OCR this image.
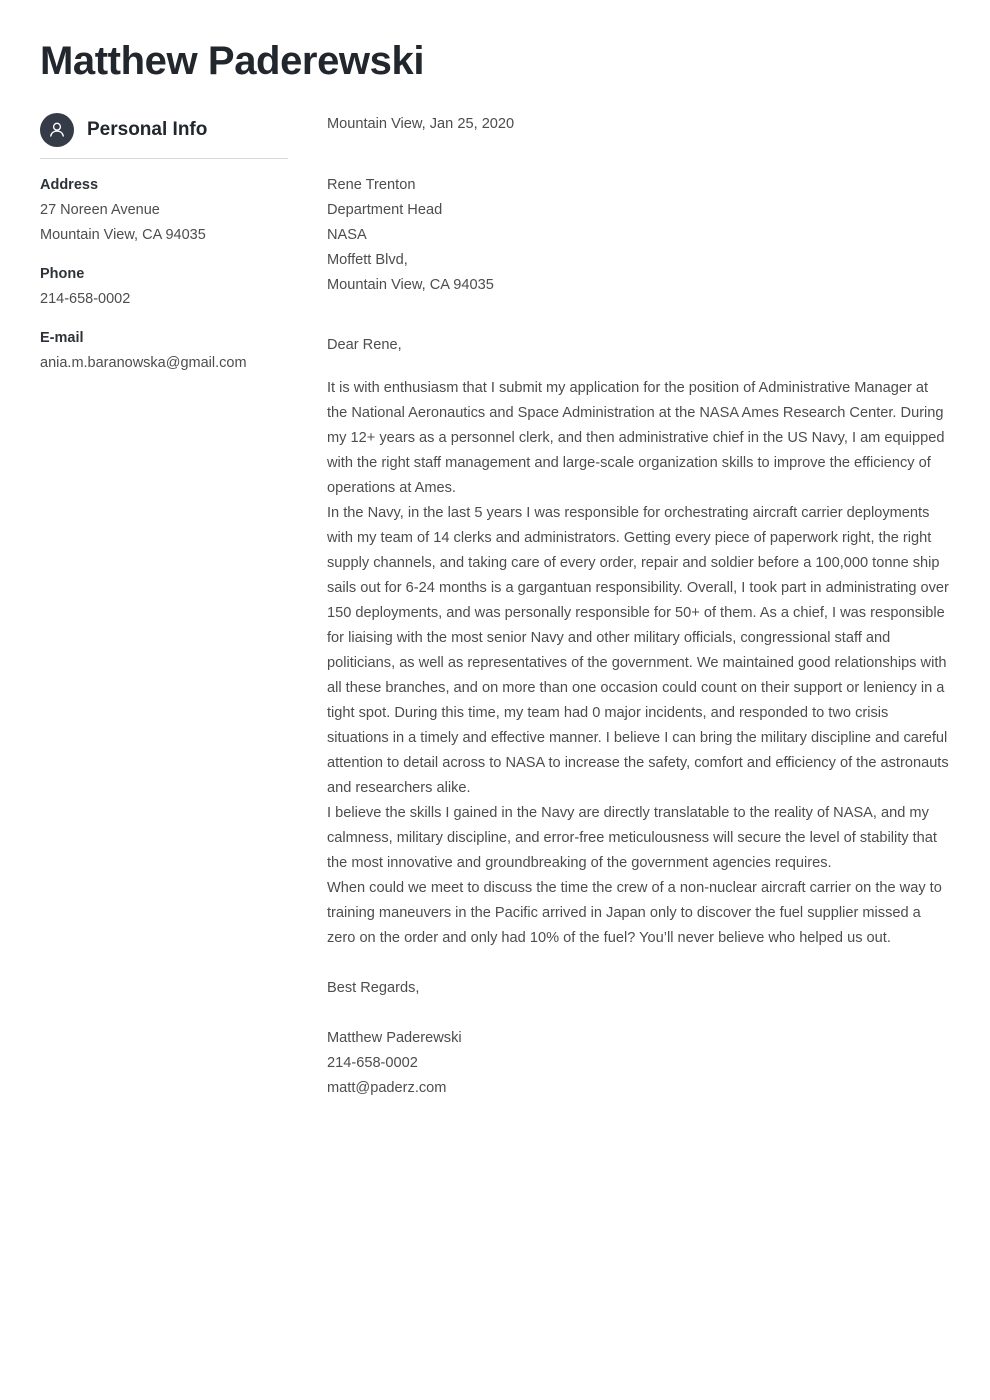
Matthew Paderewski
Personal Info
Address
27 Noreen Avenue
Mountain View, CA 94035
Phone
214-658-0002
E-mail
ania.m.baranowska@gmail.com
Mountain View, Jan 25, 2020
Rene Trenton
Department Head
NASA
Moffett Blvd,
Mountain View, CA 94035
Dear Rene,

It is with enthusiasm that I submit my application for the position of Administrative Manager at the National Aeronautics and Space Administration at the NASA Ames Research Center. During my 12+ years as a personnel clerk, and then administrative chief in the US Navy, I am equipped with the right staff management and large-scale organization skills to improve the efficiency of operations at Ames.

In the Navy, in the last 5 years I was responsible for orchestrating aircraft carrier deployments with my team of 14 clerks and administrators. Getting every piece of paperwork right, the right supply channels, and taking care of every order, repair and soldier before a 100,000 tonne ship sails out for 6-24 months is a gargantuan responsibility. Overall, I took part in administrating over 150 deployments, and was personally responsible for 50+ of them. As a chief, I was responsible for liaising with the most senior Navy and other military officials, congressional staff and politicians, as well as representatives of the government. We maintained good relationships with all these branches, and on more than one occasion could count on their support or leniency in a tight spot. During this time, my team had 0 major incidents, and responded to two crisis situations in a timely and effective manner. I believe I can bring the military discipline and careful attention to detail across to NASA to increase the safety, comfort and efficiency of the astronauts and researchers alike.

I believe the skills I gained in the Navy are directly translatable to the reality of NASA, and my calmness, military discipline, and error-free meticulousness will secure the level of stability that the most innovative and groundbreaking of the government agencies requires.

When could we meet to discuss the time the crew of a non-nuclear aircraft carrier on the way to training maneuvers in the Pacific arrived in Japan only to discover the fuel supplier missed a zero on the order and only had 10% of the fuel? You’ll never believe who helped us out.

Best Regards,
Matthew Paderewski
214-658-0002
matt@paderz.com
